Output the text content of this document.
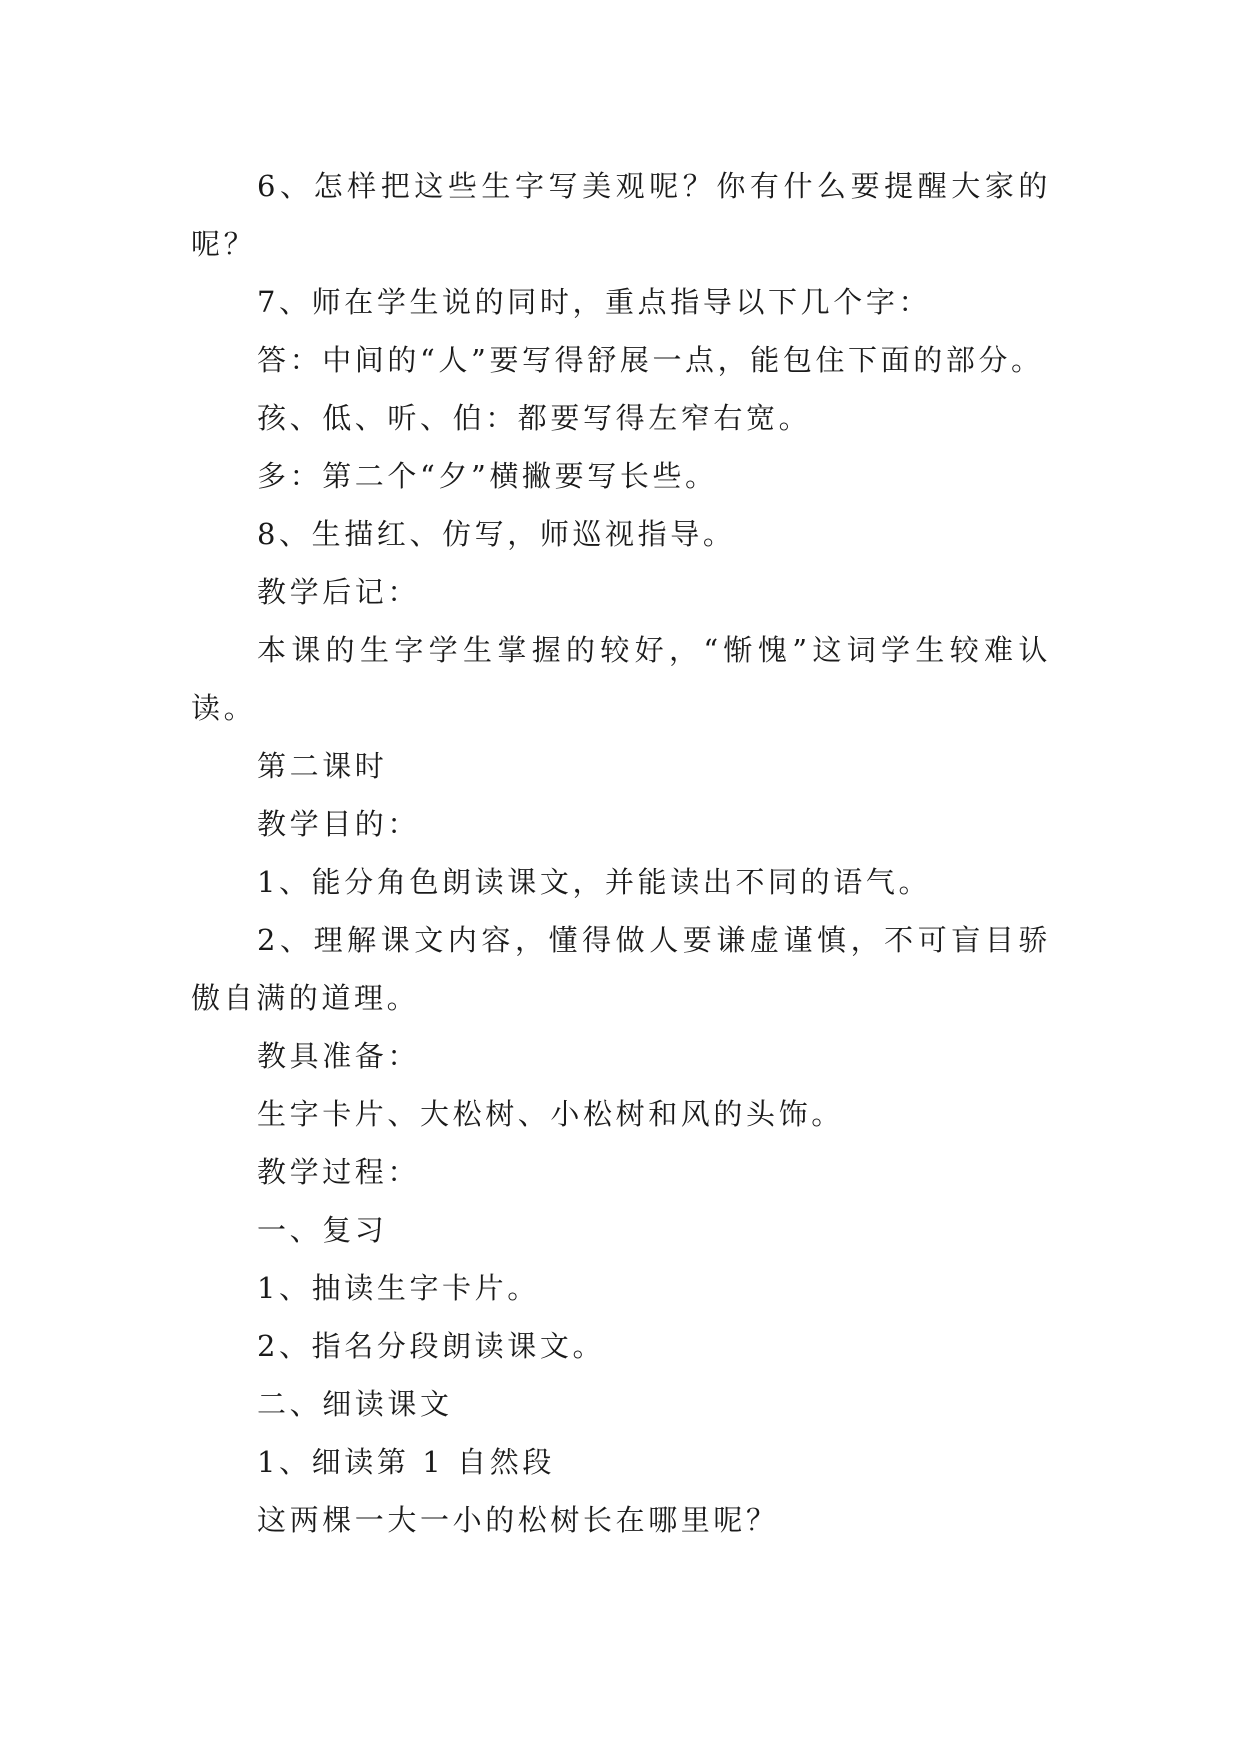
6、怎样把这些生字写美观呢？你有什么要提醒大家的呢？

7、师在学生说的同时，重点指导以下几个字：

答：中间的“人”要写得舒展一点，能包住下面的部分。

孩、低、听、伯：都要写得左窄右宽。

多：第二个“夕”横撇要写长些。

8、生描红、仿写，师巡视指导。

教学后记：

本课的生字学生掌握的较好，“惭愧”这词学生较难认读。

第二课时

教学目的：

1、能分角色朗读课文，并能读出不同的语气。

2、理解课文内容，懂得做人要谦虚谨慎，不可盲目骄傲自满的道理。

教具准备：

生字卡片、大松树、小松树和风的头饰。

教学过程：

一、复习

1、抽读生字卡片。

2、指名分段朗读课文。

二、细读课文

1、细读第 1 自然段

这两棵一大一小的松树长在哪里呢？
